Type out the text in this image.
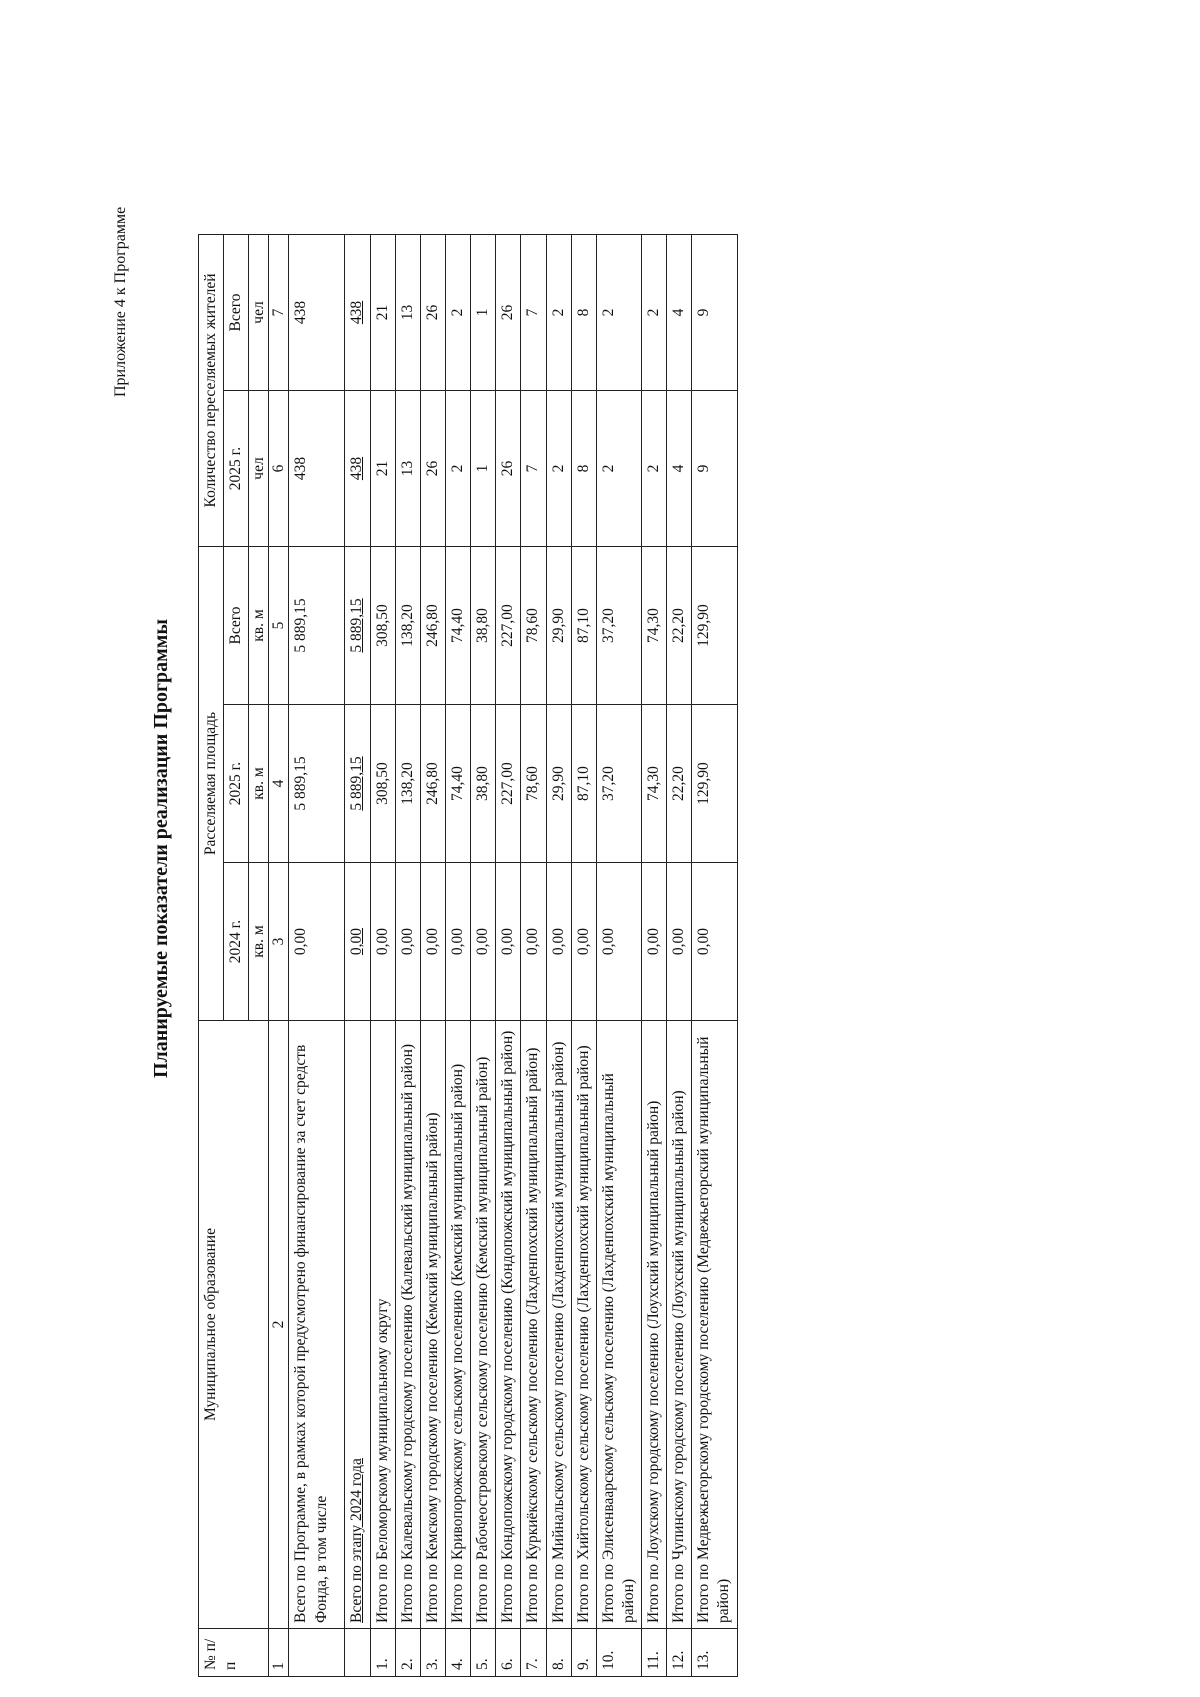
Приложение 4 к Программе
Планируемые показатели реализации Программы
№ п/п	Муниципальное образование	Расселяемая площадь			Количество переселяемых жителей	
		2024 г.	2025 г.	Всего	2025 г.	Всего
		кв. м	кв. м	кв. м	чел	чел
1	2	3	4	5	6	7
	Всего по Программе, в рамках которой предусмотрено финансирование за счет средств Фонда, в том числе	0,00	5 889,15	5 889,15	438	438
	Всего по этапу 2024 года	0,00	5 889,15	5 889,15	438	438
1.	Итого по Беломорскому муниципальному округу	0,00	308,50	308,50	21	21
2.	Итого по Калевальскому городскому поселению (Калевальский муниципальный район)	0,00	138,20	138,20	13	13
3.	Итого по Кемскому городскому поселению (Кемский муниципальный район)	0,00	246,80	246,80	26	26
4.	Итого по Кривопорожскому сельскому поселению (Кемский муниципальный район)	0,00	74,40	74,40	2	2
5.	Итого по Рабочеостровскому сельскому поселению (Кемский муниципальный район)	0,00	38,80	38,80	1	1
6.	Итого по Кондопожскому городскому поселению (Кондопожский муниципальный район)	0,00	227,00	227,00	26	26
7.	Итого по Куркиёкскому сельскому поселению (Лахденпохский муниципальный район)	0,00	78,60	78,60	7	7
8.	Итого по Мийнальскому сельскому поселению (Лахденпохский муниципальный район)	0,00	29,90	29,90	2	2
9.	Итого по Хийтольскому сельскому поселению (Лахденпохский муниципальный район)	0,00	87,10	87,10	8	8
10.	Итого по Элисенваарскому сельскому поселению (Лахденпохский муниципальный район)	0,00	37,20	37,20	2	2
11.	Итого по Лоухскому городскому поселению (Лоухский муниципальный район)	0,00	74,30	74,30	2	2
12.	Итого по Чупинскому городскому поселению (Лоухский муниципальный район)	0,00	22,20	22,20	4	4
13.	Итого по Медвежьегорскому городскому поселению (Медвежьегорский муниципальный район)	0,00	129,90	129,90	9	9
